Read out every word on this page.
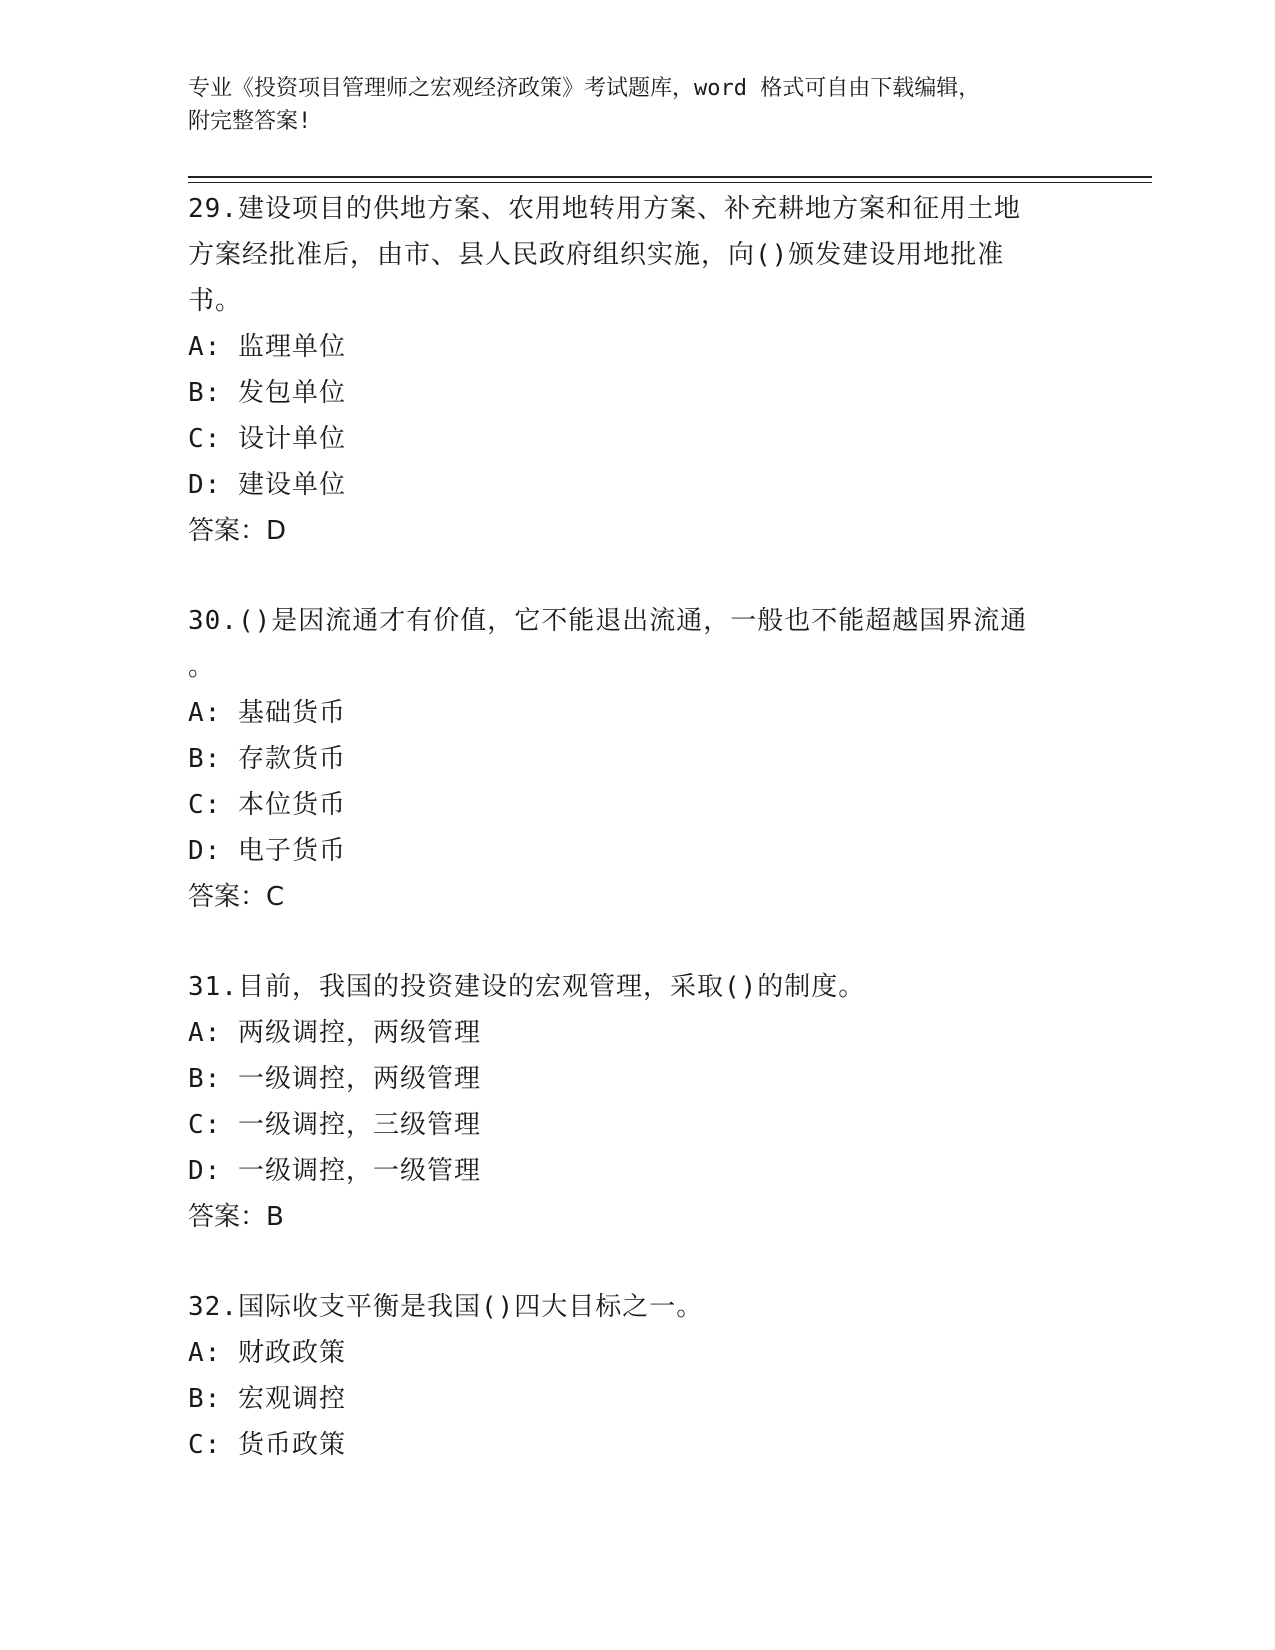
专业《投资项目管理师之宏观经济政策》考试题库，word 格式可自由下载编辑，
附完整答案!

29.建设项目的供地方案、农用地转用方案、补充耕地方案和征用土地

方案经批准后，由市、县人民政府组织实施，向()颁发建设用地批准

书。

A: 监理单位

B: 发包单位

C: 设计单位

D: 建设单位

答案：D

30.()是因流通才有价值，它不能退出流通，一般也不能超越国界流通

。

A: 基础货币

B: 存款货币

C: 本位货币

D: 电子货币

答案：C

31.目前，我国的投资建设的宏观管理，采取()的制度。

A: 两级调控，两级管理

B: 一级调控，两级管理

C: 一级调控，三级管理

D: 一级调控，一级管理

答案：B

32.国际收支平衡是我国()四大目标之一。

A: 财政政策

B: 宏观调控

C: 货币政策
